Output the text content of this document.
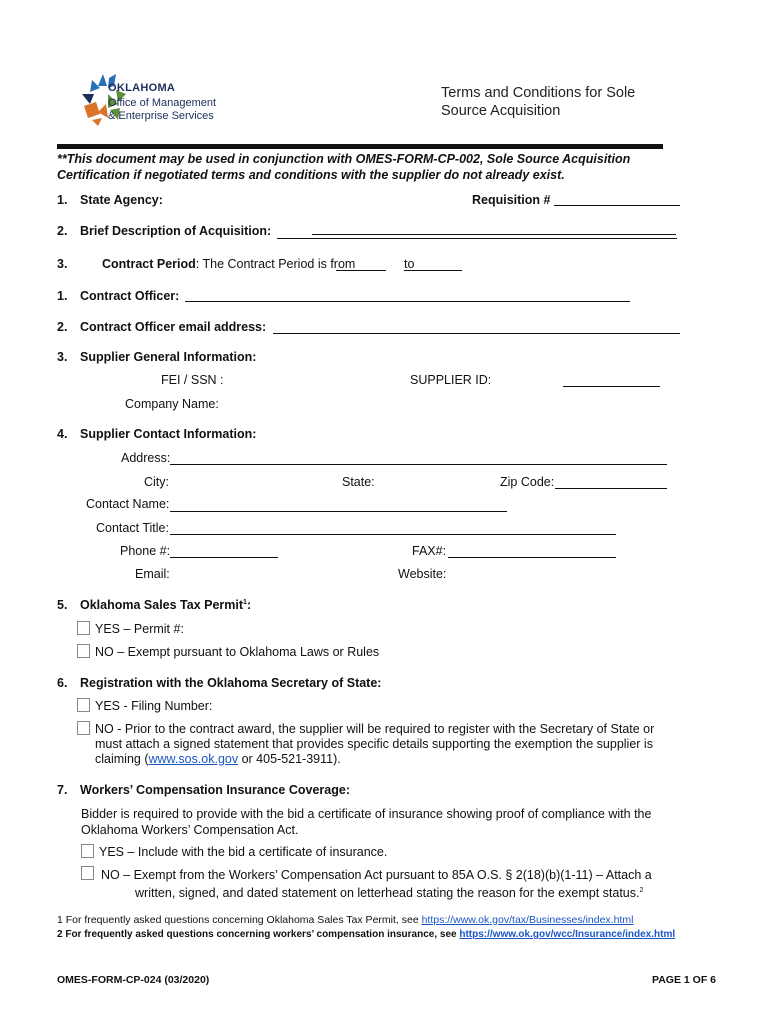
OKLAHOMA
Office of Management
& Enterprise Services
Terms and Conditions for Sole
Source Acquisition
**This document may be used in conjunction with OMES-FORM-CP-002, Sole Source Acquisition
Certification if negotiated terms and conditions with the supplier do not already exist.
1. State Agency:	Requisition #
2. Brief Description of Acquisition:
3.	Contract Period: The Contract Period is from	to
1. Contract Officer:
2. Contract Officer email address:
3. Supplier General Information:
FEI / SSN :	SUPPLIER ID:
Company Name:
4. Supplier Contact Information:
Address:
City:	State:	Zip Code:
Contact Name:
Contact Title:
Phone #:	FAX#:
Email:	Website:
5. Oklahoma Sales Tax Permit$^1$:
YES – Permit #:
NO – Exempt pursuant to Oklahoma Laws or Rules
6. Registration with the Oklahoma Secretary of State:
YES - Filing Number:
NO - Prior to the contract award, the supplier will be required to register with the Secretary of State or
must attach a signed statement that provides specific details supporting the exemption the supplier is
claiming (www.sos.ok.gov or 405-521-3911).
7. Workers’ Compensation Insurance Coverage:
Bidder is required to provide with the bid a certificate of insurance showing proof of compliance with the
Oklahoma Workers’ Compensation Act.
YES – Include with the bid a certificate of insurance.
NO – Exempt from the Workers’ Compensation Act pursuant to 85A O.S. § 2(18)(b)(1-11) – Attach a
written, signed, and dated statement on letterhead stating the reason for the exempt status.$^2$
1 For frequently asked questions concerning Oklahoma Sales Tax Permit, see https://www.ok.gov/tax/Businesses/index.html
2 For frequently asked questions concerning workers’ compensation insurance, see https://www.ok.gov/wcc/Insurance/index.html
OMES-FORM-CP-024 (03/2020)	PAGE 1 OF 6
